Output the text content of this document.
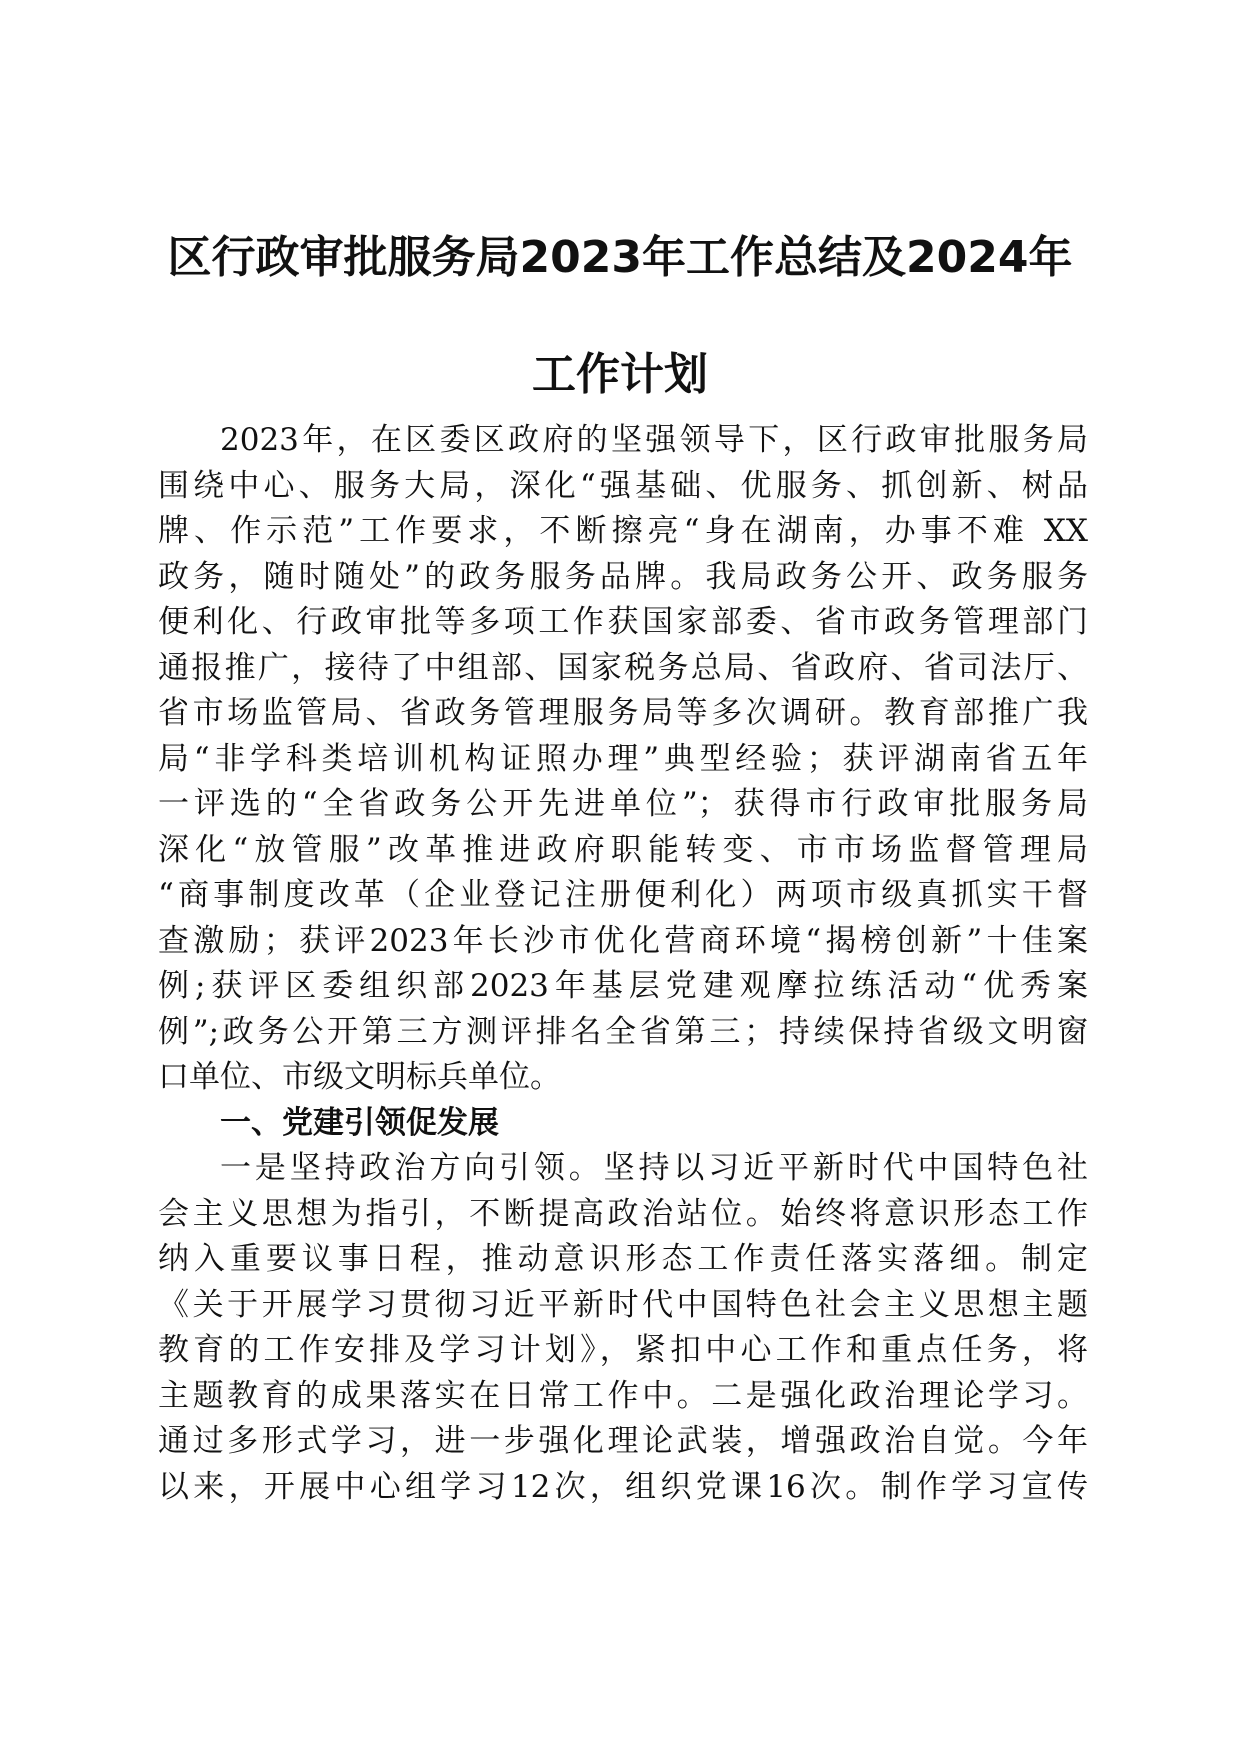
区行政审批服务局2023年工作总结及2024年
工作计划
2023年，在区委区政府的坚强领导下，区行政审批服务局
围绕中心、服务大局，深化“强基础、优服务、抓创新、树品
牌、作示范”工作要求，不断擦亮“身在湖南，办事不难 XX
政务，随时随处”的政务服务品牌。我局政务公开、政务服务
便利化、行政审批等多项工作获国家部委、省市政务管理部门
通报推广，接待了中组部、国家税务总局、省政府、省司法厅、
省市场监管局、省政务管理服务局等多次调研。教育部推广我
局“非学科类培训机构证照办理”典型经验；获评湖南省五年
一评选的“全省政务公开先进单位”；获得市行政审批服务局
深化“放管服”改革推进政府职能转变、市市场监督管理局
“商事制度改革（企业登记注册便利化）两项市级真抓实干督
查激励；获评2023年长沙市优化营商环境“揭榜创新”十佳案
例;获评区委组织部2023年基层党建观摩拉练活动“优秀案
例”;政务公开第三方测评排名全省第三；持续保持省级文明窗
口单位、市级文明标兵单位。
一、党建引领促发展
一是坚持政治方向引领。坚持以习近平新时代中国特色社
会主义思想为指引，不断提高政治站位。始终将意识形态工作
纳入重要议事日程，推动意识形态工作责任落实落细。制定
《关于开展学习贯彻习近平新时代中国特色社会主义思想主题
教育的工作安排及学习计划》，紧扣中心工作和重点任务，将
主题教育的成果落实在日常工作中。二是强化政治理论学习。
通过多形式学习，进一步强化理论武装，增强政治自觉。今年
以来，开展中心组学习12次，组织党课16次。制作学习宣传
